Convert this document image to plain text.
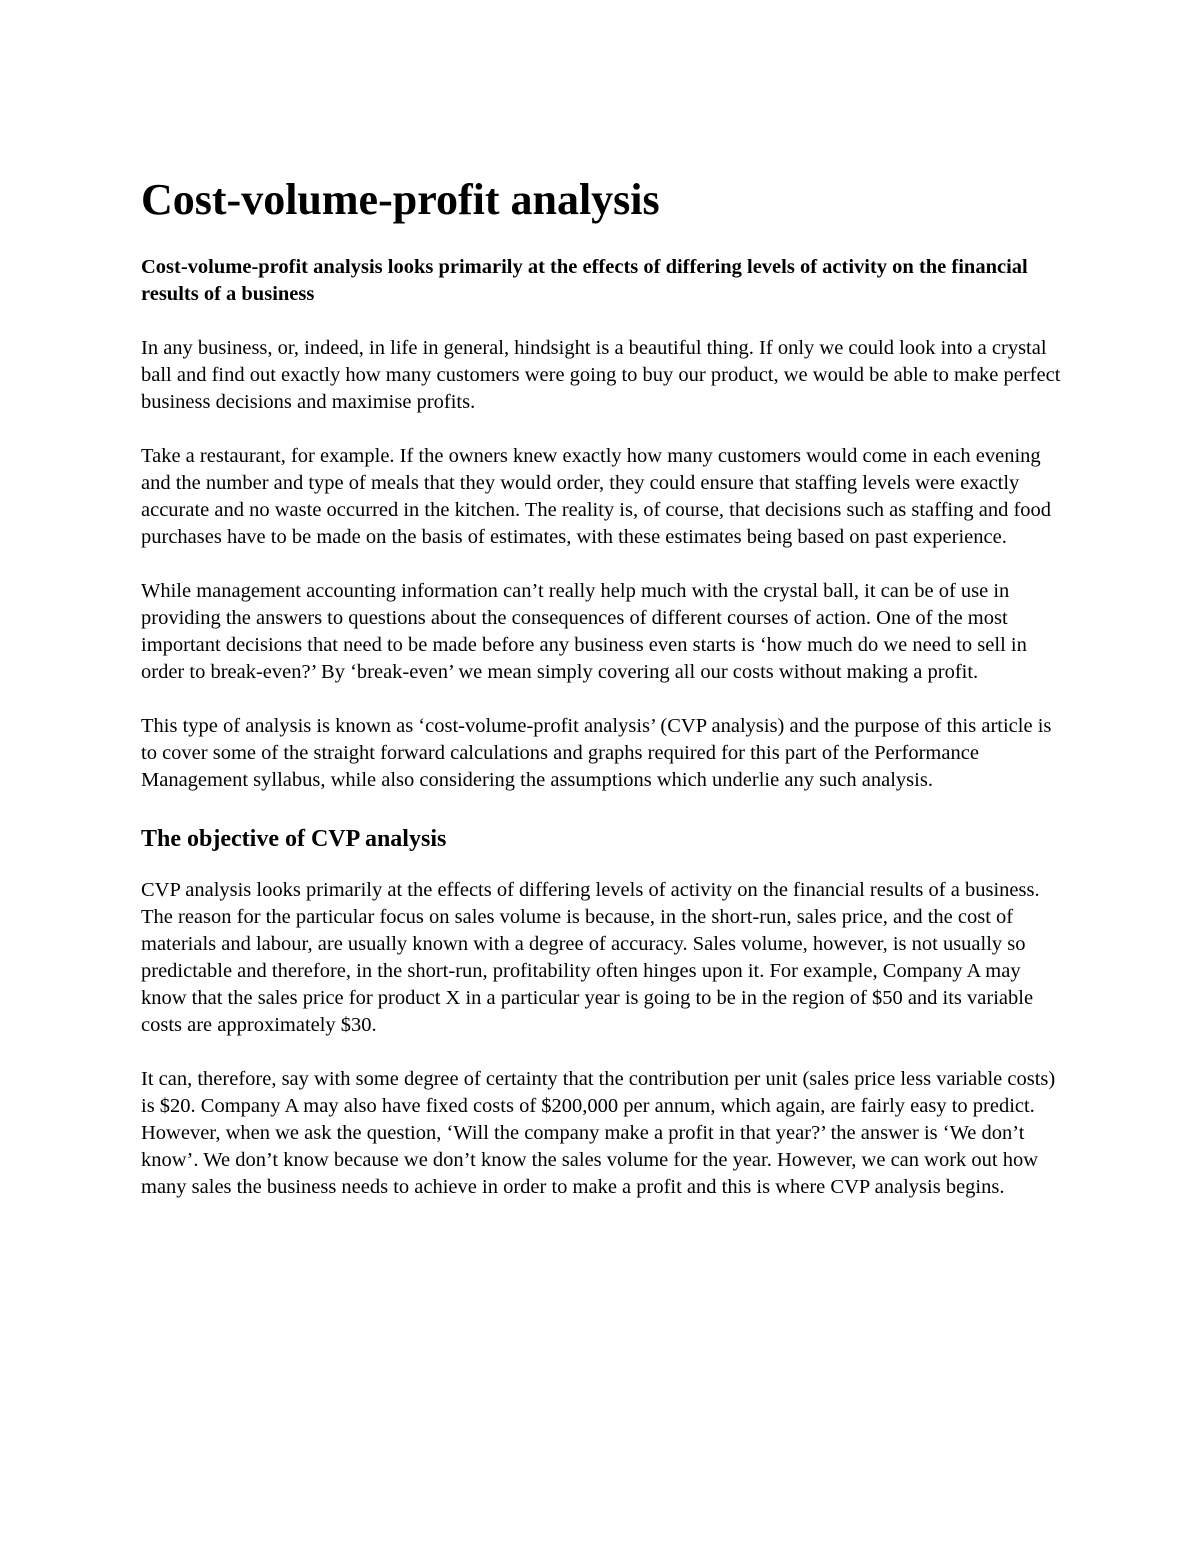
Cost-volume-profit analysis

Cost-volume-profit analysis looks primarily at the effects of differing levels of activity on the financial results of a business

In any business, or, indeed, in life in general, hindsight is a beautiful thing. If only we could look into a crystal ball and find out exactly how many customers were going to buy our product, we would be able to make perfect business decisions and maximise profits.

Take a restaurant, for example. If the owners knew exactly how many customers would come in each evening and the number and type of meals that they would order, they could ensure that staffing levels were exactly accurate and no waste occurred in the kitchen. The reality is, of course, that decisions such as staffing and food purchases have to be made on the basis of estimates, with these estimates being based on past experience.

While management accounting information can’t really help much with the crystal ball, it can be of use in providing the answers to questions about the consequences of different courses of action. One of the most important decisions that need to be made before any business even starts is ‘how much do we need to sell in order to break-even?’ By ‘break-even’ we mean simply covering all our costs without making a profit.

This type of analysis is known as ‘cost-volume-profit analysis’ (CVP analysis) and the purpose of this article is to cover some of the straight forward calculations and graphs required for this part of the Performance Management syllabus, while also considering the assumptions which underlie any such analysis.

The objective of CVP analysis

CVP analysis looks primarily at the effects of differing levels of activity on the financial results of a business. The reason for the particular focus on sales volume is because, in the short-run, sales price, and the cost of materials and labour, are usually known with a degree of accuracy. Sales volume, however, is not usually so predictable and therefore, in the short-run, profitability often hinges upon it. For example, Company A may know that the sales price for product X in a particular year is going to be in the region of $50 and its variable costs are approximately $30.

It can, therefore, say with some degree of certainty that the contribution per unit (sales price less variable costs) is $20. Company A may also have fixed costs of $200,000 per annum, which again, are fairly easy to predict. However, when we ask the question, ‘Will the company make a profit in that year?’ the answer is ‘We don’t know’. We don’t know because we don’t know the sales volume for the year. However, we can work out how many sales the business needs to achieve in order to make a profit and this is where CVP analysis begins.
